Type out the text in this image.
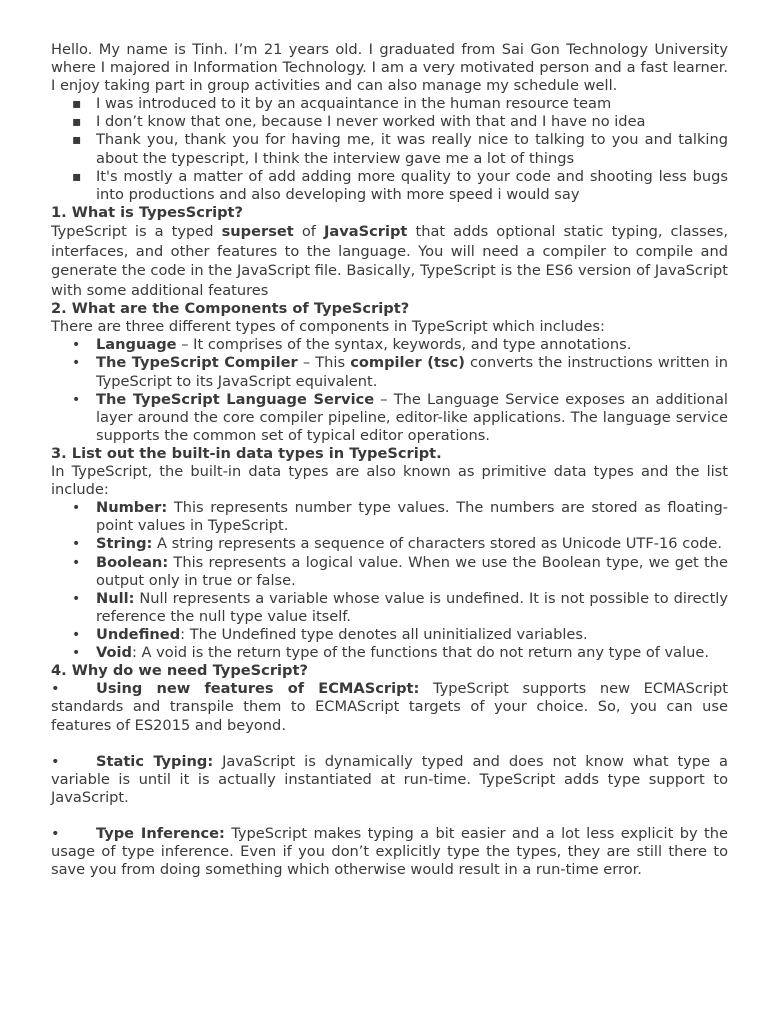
Hello. My name is Tinh. I’m 21 years old. I graduated from Sai Gon Technology University where I majored in Information Technology. I am a very motivated person and a fast learner. I enjoy taking part in group activities and can also manage my schedule well.

▪ I was introduced to it by an acquaintance in the human resource team
▪ I don’t know that one, because I never worked with that and I have no idea
▪ Thank you, thank you for having me, it was really nice to talking to you and talking about the typescript, I think the interview gave me a lot of things
▪ It's mostly a matter of add adding more quality to your code and shooting less bugs into productions and also developing with more speed i would say
1. What is TypesScript?

TypeScript is a typed superset of JavaScript that adds optional static typing, classes, interfaces, and other features to the language. You will need a compiler to compile and generate the code in the JavaScript file. Basically, TypeScript is the ES6 version of JavaScript with some additional features

2. What are the Components of TypeScript?

There are three different types of components in TypeScript which includes:

• Language – It comprises of the syntax, keywords, and type annotations.
• The TypeScript Compiler – This compiler (tsc) converts the instructions written in TypeScript to its JavaScript equivalent.
• The TypeScript Language Service – The Language Service exposes an additional layer around the core compiler pipeline, editor-like applications. The language service supports the common set of typical editor operations.
3. List out the built-in data types in TypeScript.

In TypeScript, the built-in data types are also known as primitive data types and the list include:

• Number: This represents number type values. The numbers are stored as floating-point values in TypeScript.
• String: A string represents a sequence of characters stored as Unicode UTF-16 code.
• Boolean: This represents a logical value. When we use the Boolean type, we get the output only in true or false.
• Null: Null represents a variable whose value is undefined. It is not possible to directly reference the null type value itself.
• Undefined: The Undefined type denotes all uninitialized variables.
• Void: A void is the return type of the functions that do not return any type of value.
4. Why do we need TypeScript?

• Using new features of ECMAScript: TypeScript supports new ECMAScript standards and transpile them to ECMAScript targets of your choice. So, you can use features of ES2015 and beyond.

• Static Typing: JavaScript is dynamically typed and does not know what type a variable is until it is actually instantiated at run-time. TypeScript adds type support to JavaScript.

• Type Inference: TypeScript makes typing a bit easier and a lot less explicit by the usage of type inference. Even if you don’t explicitly type the types, they are still there to save you from doing something which otherwise would result in a run-time error.
